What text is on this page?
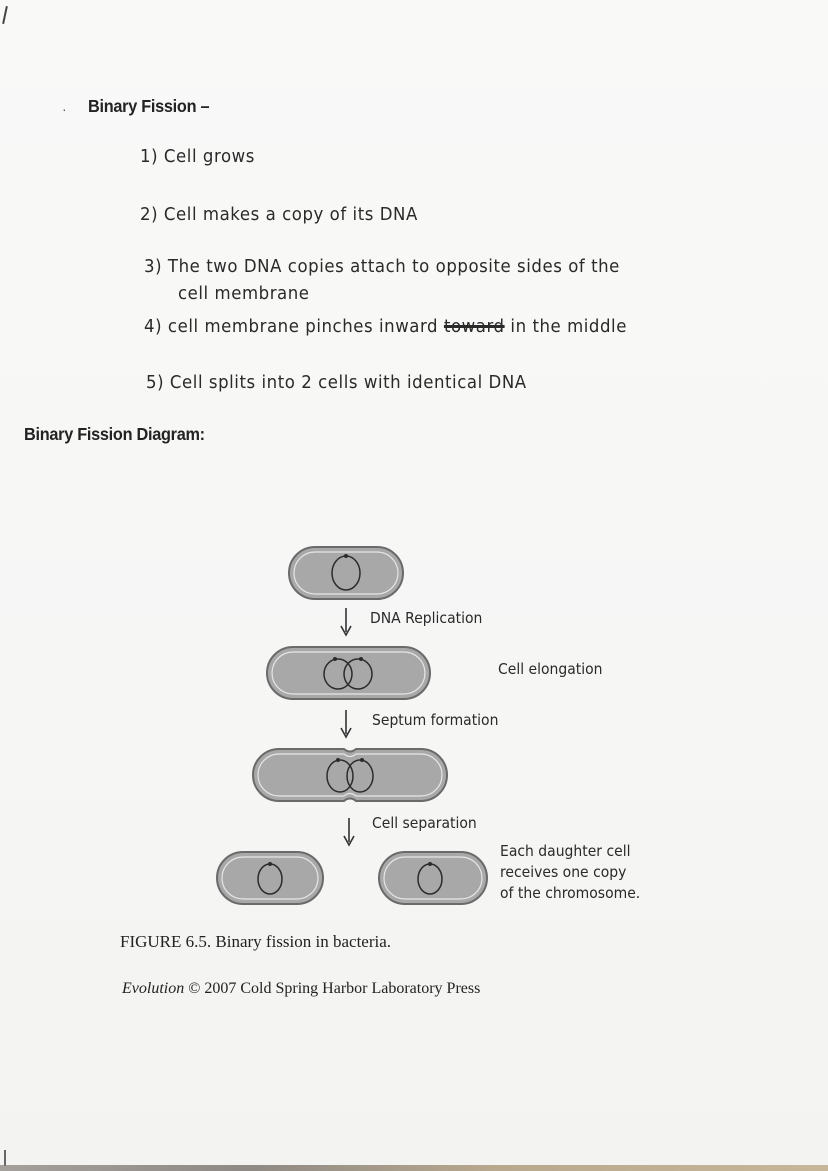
· Binary Fission –
1) Cell grows
2) Cell makes a copy of its DNA
3) The two DNA copies attach to opposite sides of the
cell membrane
4) cell membrane pinches inward toward in the middle
5) Cell splits into 2 cells with identical DNA
Binary Fission Diagram:
DNA Replication
Cell elongation
Septum formation
Cell separation
Each daughter cell
receives one copy
of the chromosome.
FIGURE 6.5. Binary fission in bacteria.
Evolution © 2007 Cold Spring Harbor Laboratory Press
